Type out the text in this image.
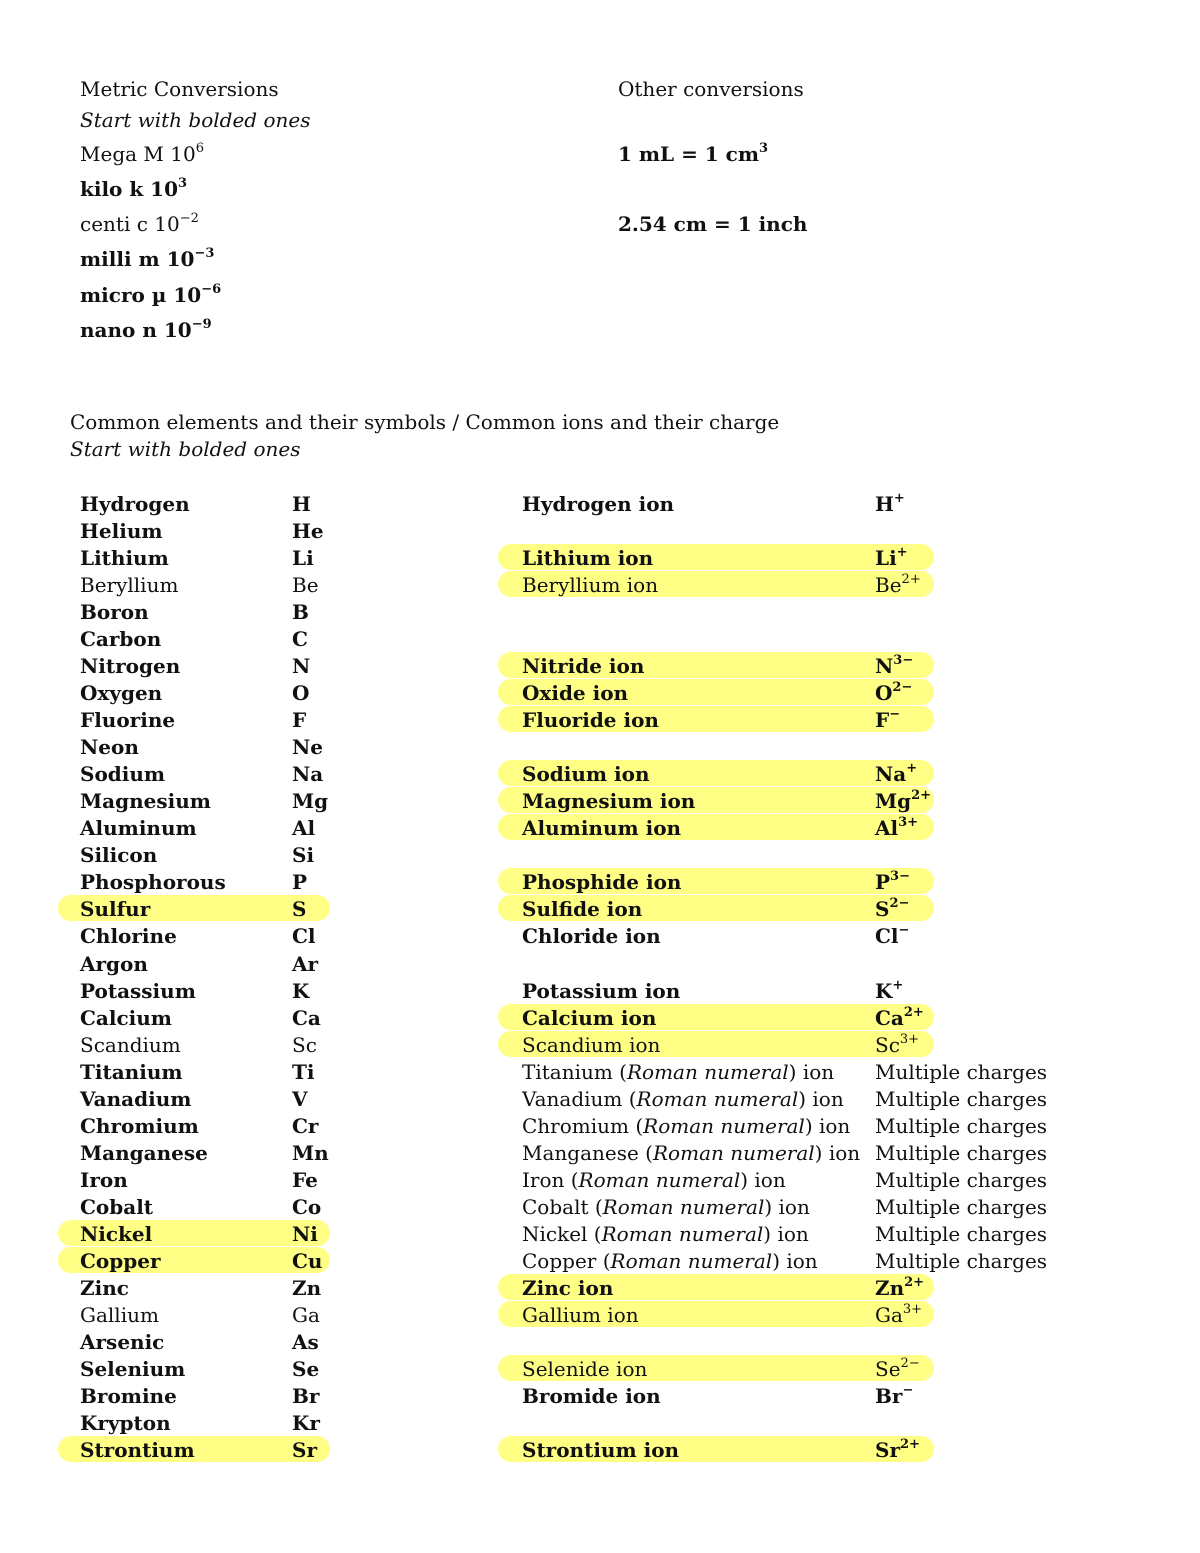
Metric Conversions
Start with bolded ones
Mega M $10^6$
kilo k $10^3$
centi c $10^{-2}$
milli m $10^{-3}$
micro µ $10^{-6}$
nano n $10^{-9}$
Other conversions
1 mL = 1 $cm^3$
2.54 cm = 1 inch
Common elements and their symbols / Common ions and their charge
Start with bolded ones
Hydrogen	H
Helium	He
Lithium	Li
Beryllium	Be
Boron	B
Carbon	C
Nitrogen	N
Oxygen	O
Fluorine	F
Neon	Ne
Sodium	Na
Magnesium	Mg
Aluminum	Al
Silicon	Si
Phosphorous	P
Sulfur	S
Chlorine	Cl
Argon	Ar
Potassium	K
Calcium	Ca
Scandium	Sc
Titanium	Ti
Vanadium	V
Chromium	Cr
Manganese	Mn
Iron	Fe
Cobalt	Co
Nickel	Ni
Copper	Cu
Zinc	Zn
Gallium	Ga
Arsenic	As
Selenium	Se
Bromine	Br
Krypton	Kr
Strontium	Sr
Hydrogen ion	H+
Lithium ion	Li+
Beryllium ion	$Be^{2+}$
Nitride ion	$N^{3-}$
Oxide ion	$O^{2-}$
Fluoride ion	F−
Sodium ion	Na+
Magnesium ion	$Mg^{2+}$
Aluminum ion	$Al^{3+}$
Phosphide ion	$P^{3-}$
Sulfide ion	$S^{2-}$
Chloride ion	Cl−
Potassium ion	K+
Calcium ion	$Ca^{2+}$
Scandium ion	$Sc^{3+}$
Titanium (Roman numeral) ion Multiple charges
Vanadium (Roman numeral) ion Multiple charges
Chromium (Roman numeral) ion Multiple charges
Manganese (Roman numeral) ion Multiple charges
Iron (Roman numeral) ion	Multiple charges
Cobalt (Roman numeral) ion	Multiple charges
Nickel (Roman numeral) ion	Multiple charges
Copper (Roman numeral) ion	Multiple charges
Zinc ion	$Zn^{2+}$
Gallium ion	$Ga^{3+}$
Selenide ion	$Se^{2-}$
Bromide ion	Br−
Strontium ion	$Sr^{2+}$
